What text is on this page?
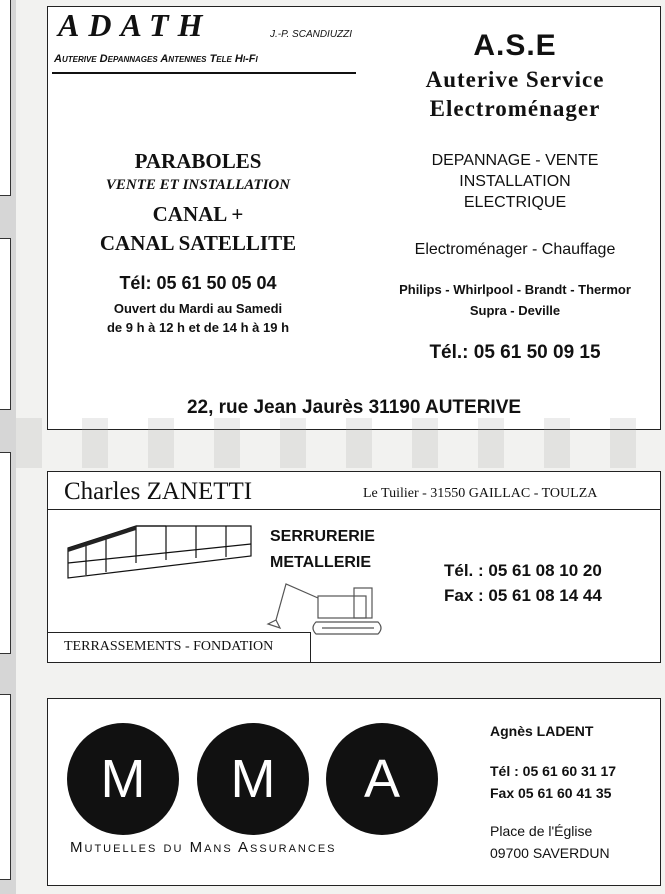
ADATH	J.-P. SCANDIUZZI
Auterive Depannages Antennes Tele Hi-Fi
PARABOLES
VENTE ET INSTALLATION
CANAL +
CANAL SATELLITE
Tél: 05 61 50 05 04
Ouvert du Mardi au Samedi
de 9 h à 12 h et de 14 h à 19 h
A.S.E
Auterive Service
Electroménager
DEPANNAGE - VENTE
INSTALLATION
ELECTRIQUE
Electroménager - Chauffage
Philips - Whirlpool - Brandt - Thermor
Supra - Deville
Tél.: 05 61 50 09 15
22, rue Jean Jaurès 31190 AUTERIVE
Charles ZANETTI	Le Tuilier - 31550 GAILLAC - TOULZA
SERRURERIE
METALLERIE	Tél. : 05 61 08 10 20
Fax : 05 61 08 14 44
TERRASSEMENTS - FONDATION
M	M	A
Mutuelles du Mans Assurances
Agnès LADENT
Tél : 05 61 60 31 17
Fax 05 61 60 41 35
Place de l'Église
09700 SAVERDUN
